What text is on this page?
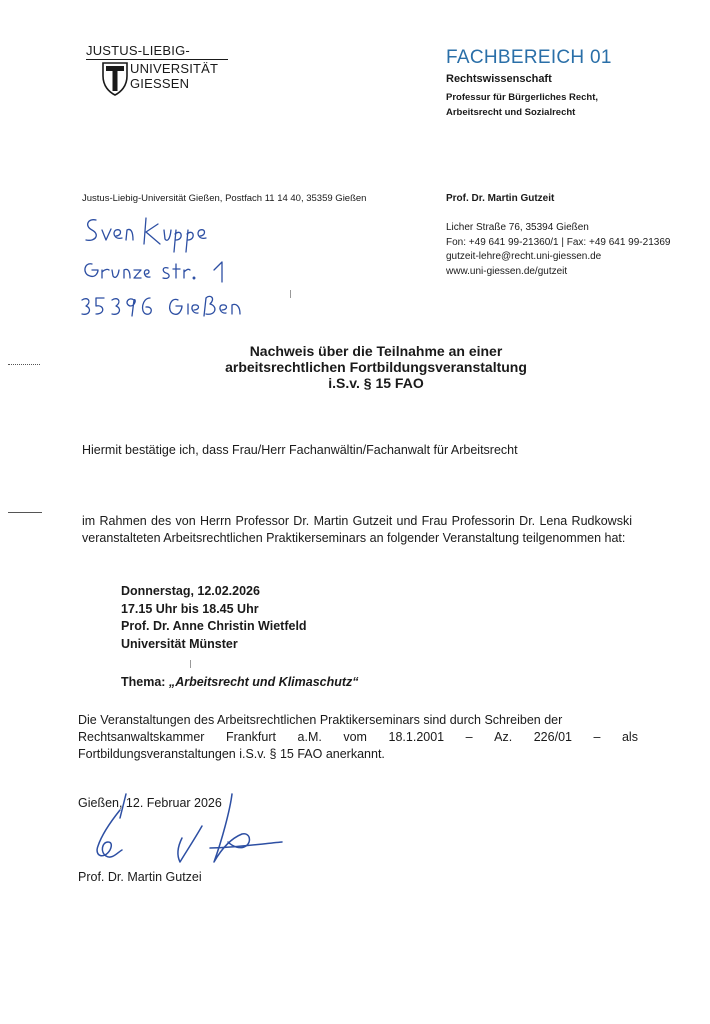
JUSTUS-LIEBIG-
UNIVERSITÄT
GIESSEN
FACHBEREICH 01
Rechtswissenschaft
Professur für Bürgerliches Recht,
Arbeitsrecht und Sozialrecht
Justus-Liebig-Universität Gießen, Postfach 11 14 40, 35359 Gießen	Prof. Dr. Martin Gutzeit
Licher Straße 76, 35394 Gießen
Fon: +49 641 99-21360/1 | Fax: +49 641 99-21369
gutzeit-lehre@recht.uni-giessen.de
www.uni-giessen.de/gutzeit
Nachweis über die Teilnahme an einer
arbeitsrechtlichen Fortbildungsveranstaltung
i.S.v. § 15 FAO
Hiermit bestätige ich, dass Frau/Herr Fachanwältin/Fachanwalt für Arbeitsrecht
im Rahmen des von Herrn Professor Dr. Martin Gutzeit und Frau Professorin Dr. Lena Rudkowski veranstalteten Arbeitsrechtlichen Praktikerseminars an folgender Veranstaltung teilgenommen hat:
Donnerstag, 12.02.2026
17.15 Uhr bis 18.45 Uhr
Prof. Dr. Anne Christin Wietfeld
Universität Münster
Thema: „Arbeitsrecht und Klimaschutz“
Die Veranstaltungen des Arbeitsrechtlichen Praktikerseminars sind durch Schreiben der
Rechtsanwaltskammer Frankfurt a.M. vom 18.1.2001 – Az. 226/01 – als
Fortbildungsveranstaltungen i.S.v. § 15 FAO anerkannt.
Gießen, 12. Februar 2026
Prof. Dr. Martin Gutzei
